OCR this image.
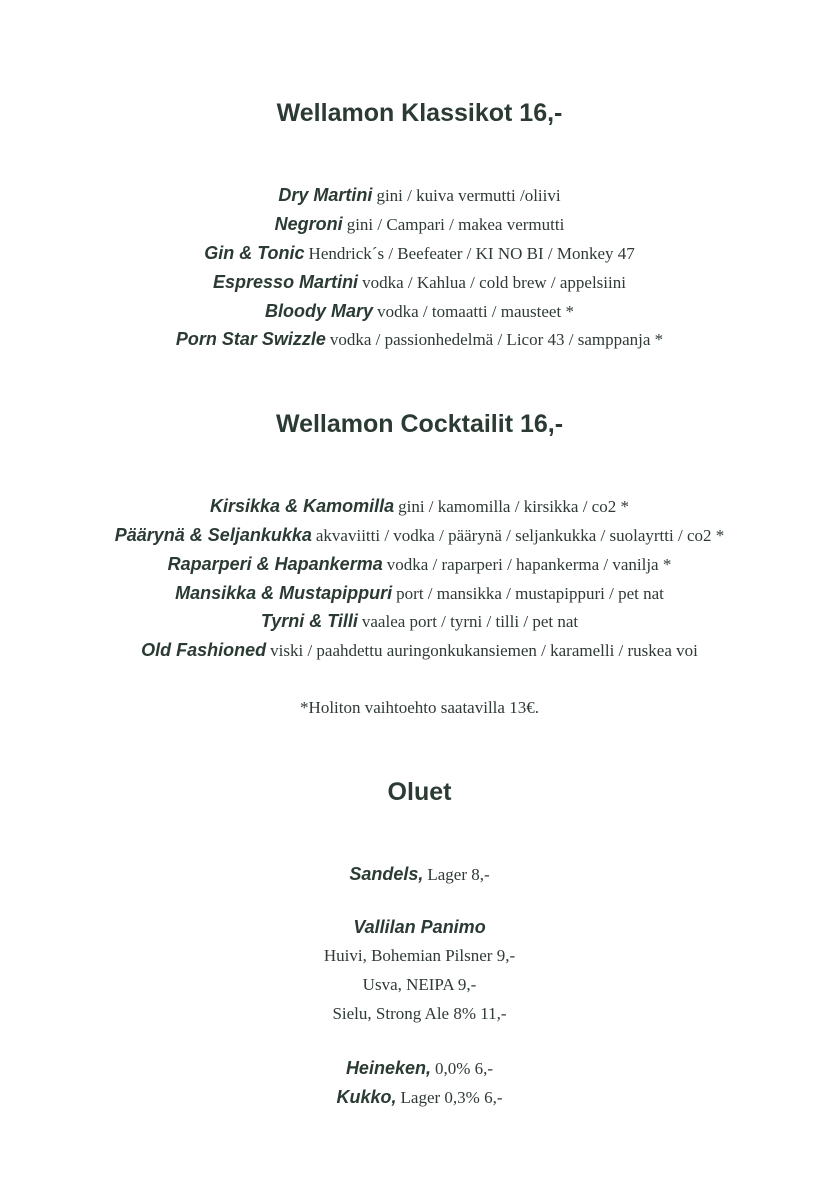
Wellamon Klassikot 16,-
Dry Martini gini / kuiva vermutti /oliivi
Negroni gini / Campari / makea vermutti
Gin & Tonic Hendrick´s / Beefeater / KI NO BI / Monkey 47
Espresso Martini vodka / Kahlua / cold brew / appelsiini
Bloody Mary vodka / tomaatti / mausteet *
Porn Star Swizzle vodka / passionhedelmä / Licor 43 / samppanja *
Wellamon Cocktailit 16,-
Kirsikka & Kamomilla gini / kamomilla / kirsikka / co2 *
Päärynä & Seljankukka akvaviitti / vodka / päärynä / seljankukka / suolayrtti / co2 *
Raparperi & Hapankerma vodka / raparperi / hapankerma / vanilja *
Mansikka & Mustapippuri port / mansikka / mustapippuri / pet nat
Tyrni & Tilli vaalea port / tyrni / tilli / pet nat
Old Fashioned viski / paahdettu auringonkukansiemen / karamelli / ruskea voi
*Holiton vaihtoehto saatavilla 13€.
Oluet
Sandels, Lager 8,-
Vallilan Panimo
Huivi, Bohemian Pilsner 9,-
Usva, NEIPA 9,-
Sielu, Strong Ale 8% 11,-
Heineken, 0,0% 6,-
Kukko, Lager 0,3% 6,-
